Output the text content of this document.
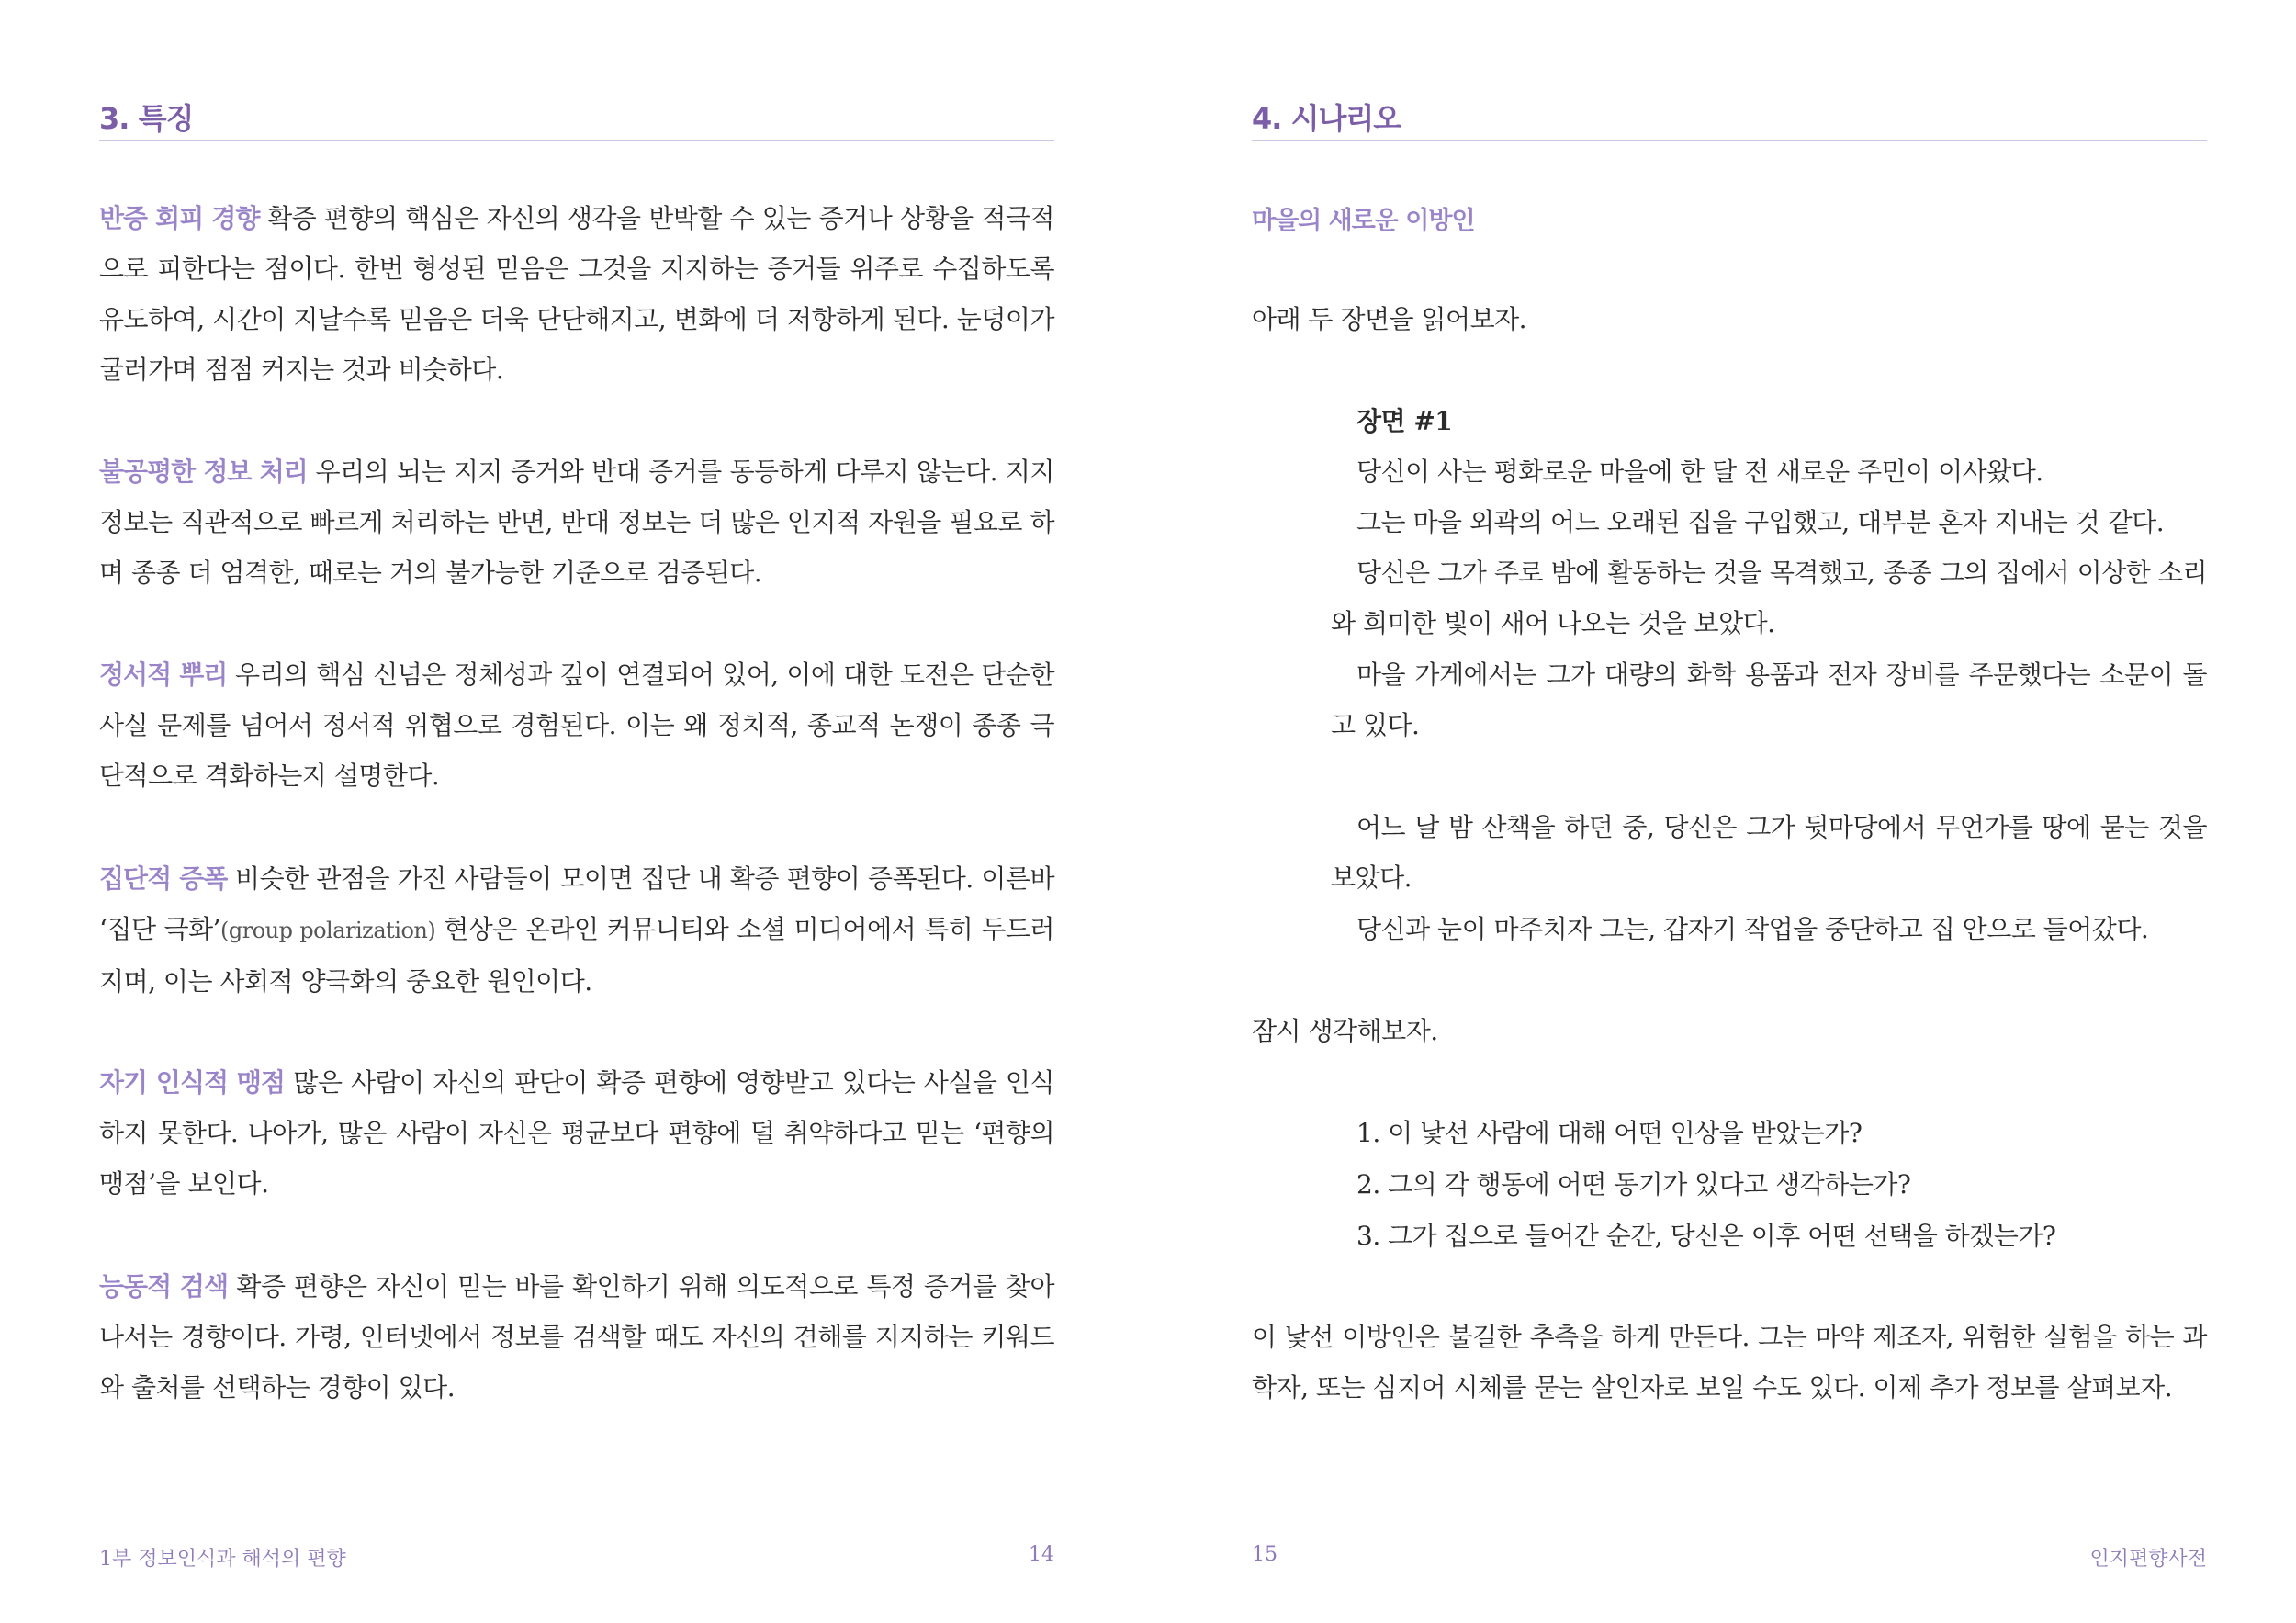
3. 특징

반증 회피 경향 확증 편향의 핵심은 자신의 생각을 반박할 수 있는 증거나 상황을 적극적으로 피한다는 점이다. 한번 형성된 믿음은 그것을 지지하는 증거들 위주로 수집하도록 유도하여, 시간이 지날수록 믿음은 더욱 단단해지고, 변화에 더 저항하게 된다. 눈덩이가 굴러가며 점점 커지는 것과 비슷하다.

불공평한 정보 처리 우리의 뇌는 지지 증거와 반대 증거를 동등하게 다루지 않는다. 지지 정보는 직관적으로 빠르게 처리하는 반면, 반대 정보는 더 많은 인지적 자원을 필요로 하며 종종 더 엄격한, 때로는 거의 불가능한 기준으로 검증된다.

정서적 뿌리 우리의 핵심 신념은 정체성과 깊이 연결되어 있어, 이에 대한 도전은 단순한 사실 문제를 넘어서 정서적 위협으로 경험된다. 이는 왜 정치적, 종교적 논쟁이 종종 극단적으로 격화하는지 설명한다.

집단적 증폭 비슷한 관점을 가진 사람들이 모이면 집단 내 확증 편향이 증폭된다. 이른바 ‘집단 극화’(group polarization) 현상은 온라인 커뮤니티와 소셜 미디어에서 특히 두드러지며, 이는 사회적 양극화의 중요한 원인이다.

자기 인식적 맹점 많은 사람이 자신의 판단이 확증 편향에 영향받고 있다는 사실을 인식하지 못한다. 나아가, 많은 사람이 자신은 평균보다 편향에 덜 취약하다고 믿는 ‘편향의 맹점’을 보인다.

능동적 검색 확증 편향은 자신이 믿는 바를 확인하기 위해 의도적으로 특정 증거를 찾아 나서는 경향이다. 가령, 인터넷에서 정보를 검색할 때도 자신의 견해를 지지하는 키워드와 출처를 선택하는 경향이 있다.

1부 정보인식과 해석의 편향	14
4. 시나리오
마을의 새로운 이방인

아래 두 장면을 읽어보자.

장면 #1

당신이 사는 평화로운 마을에 한 달 전 새로운 주민이 이사왔다.

그는 마을 외곽의 어느 오래된 집을 구입했고, 대부분 혼자 지내는 것 같다.

당신은 그가 주로 밤에 활동하는 것을 목격했고, 종종 그의 집에서 이상한 소리와 희미한 빛이 새어 나오는 것을 보았다.

마을 가게에서는 그가 대량의 화학 용품과 전자 장비를 주문했다는 소문이 돌고 있다.

어느 날 밤 산책을 하던 중, 당신은 그가 뒷마당에서 무언가를 땅에 묻는 것을 보았다.

당신과 눈이 마주치자 그는, 갑자기 작업을 중단하고 집 안으로 들어갔다.

잠시 생각해보자.

1. 이 낯선 사람에 대해 어떤 인상을 받았는가?

2. 그의 각 행동에 어떤 동기가 있다고 생각하는가?

3. 그가 집으로 들어간 순간, 당신은 이후 어떤 선택을 하겠는가?

이 낯선 이방인은 불길한 추측을 하게 만든다. 그는 마약 제조자, 위험한 실험을 하는 과학자, 또는 심지어 시체를 묻는 살인자로 보일 수도 있다. 이제 추가 정보를 살펴보자.

15	인지편향사전
